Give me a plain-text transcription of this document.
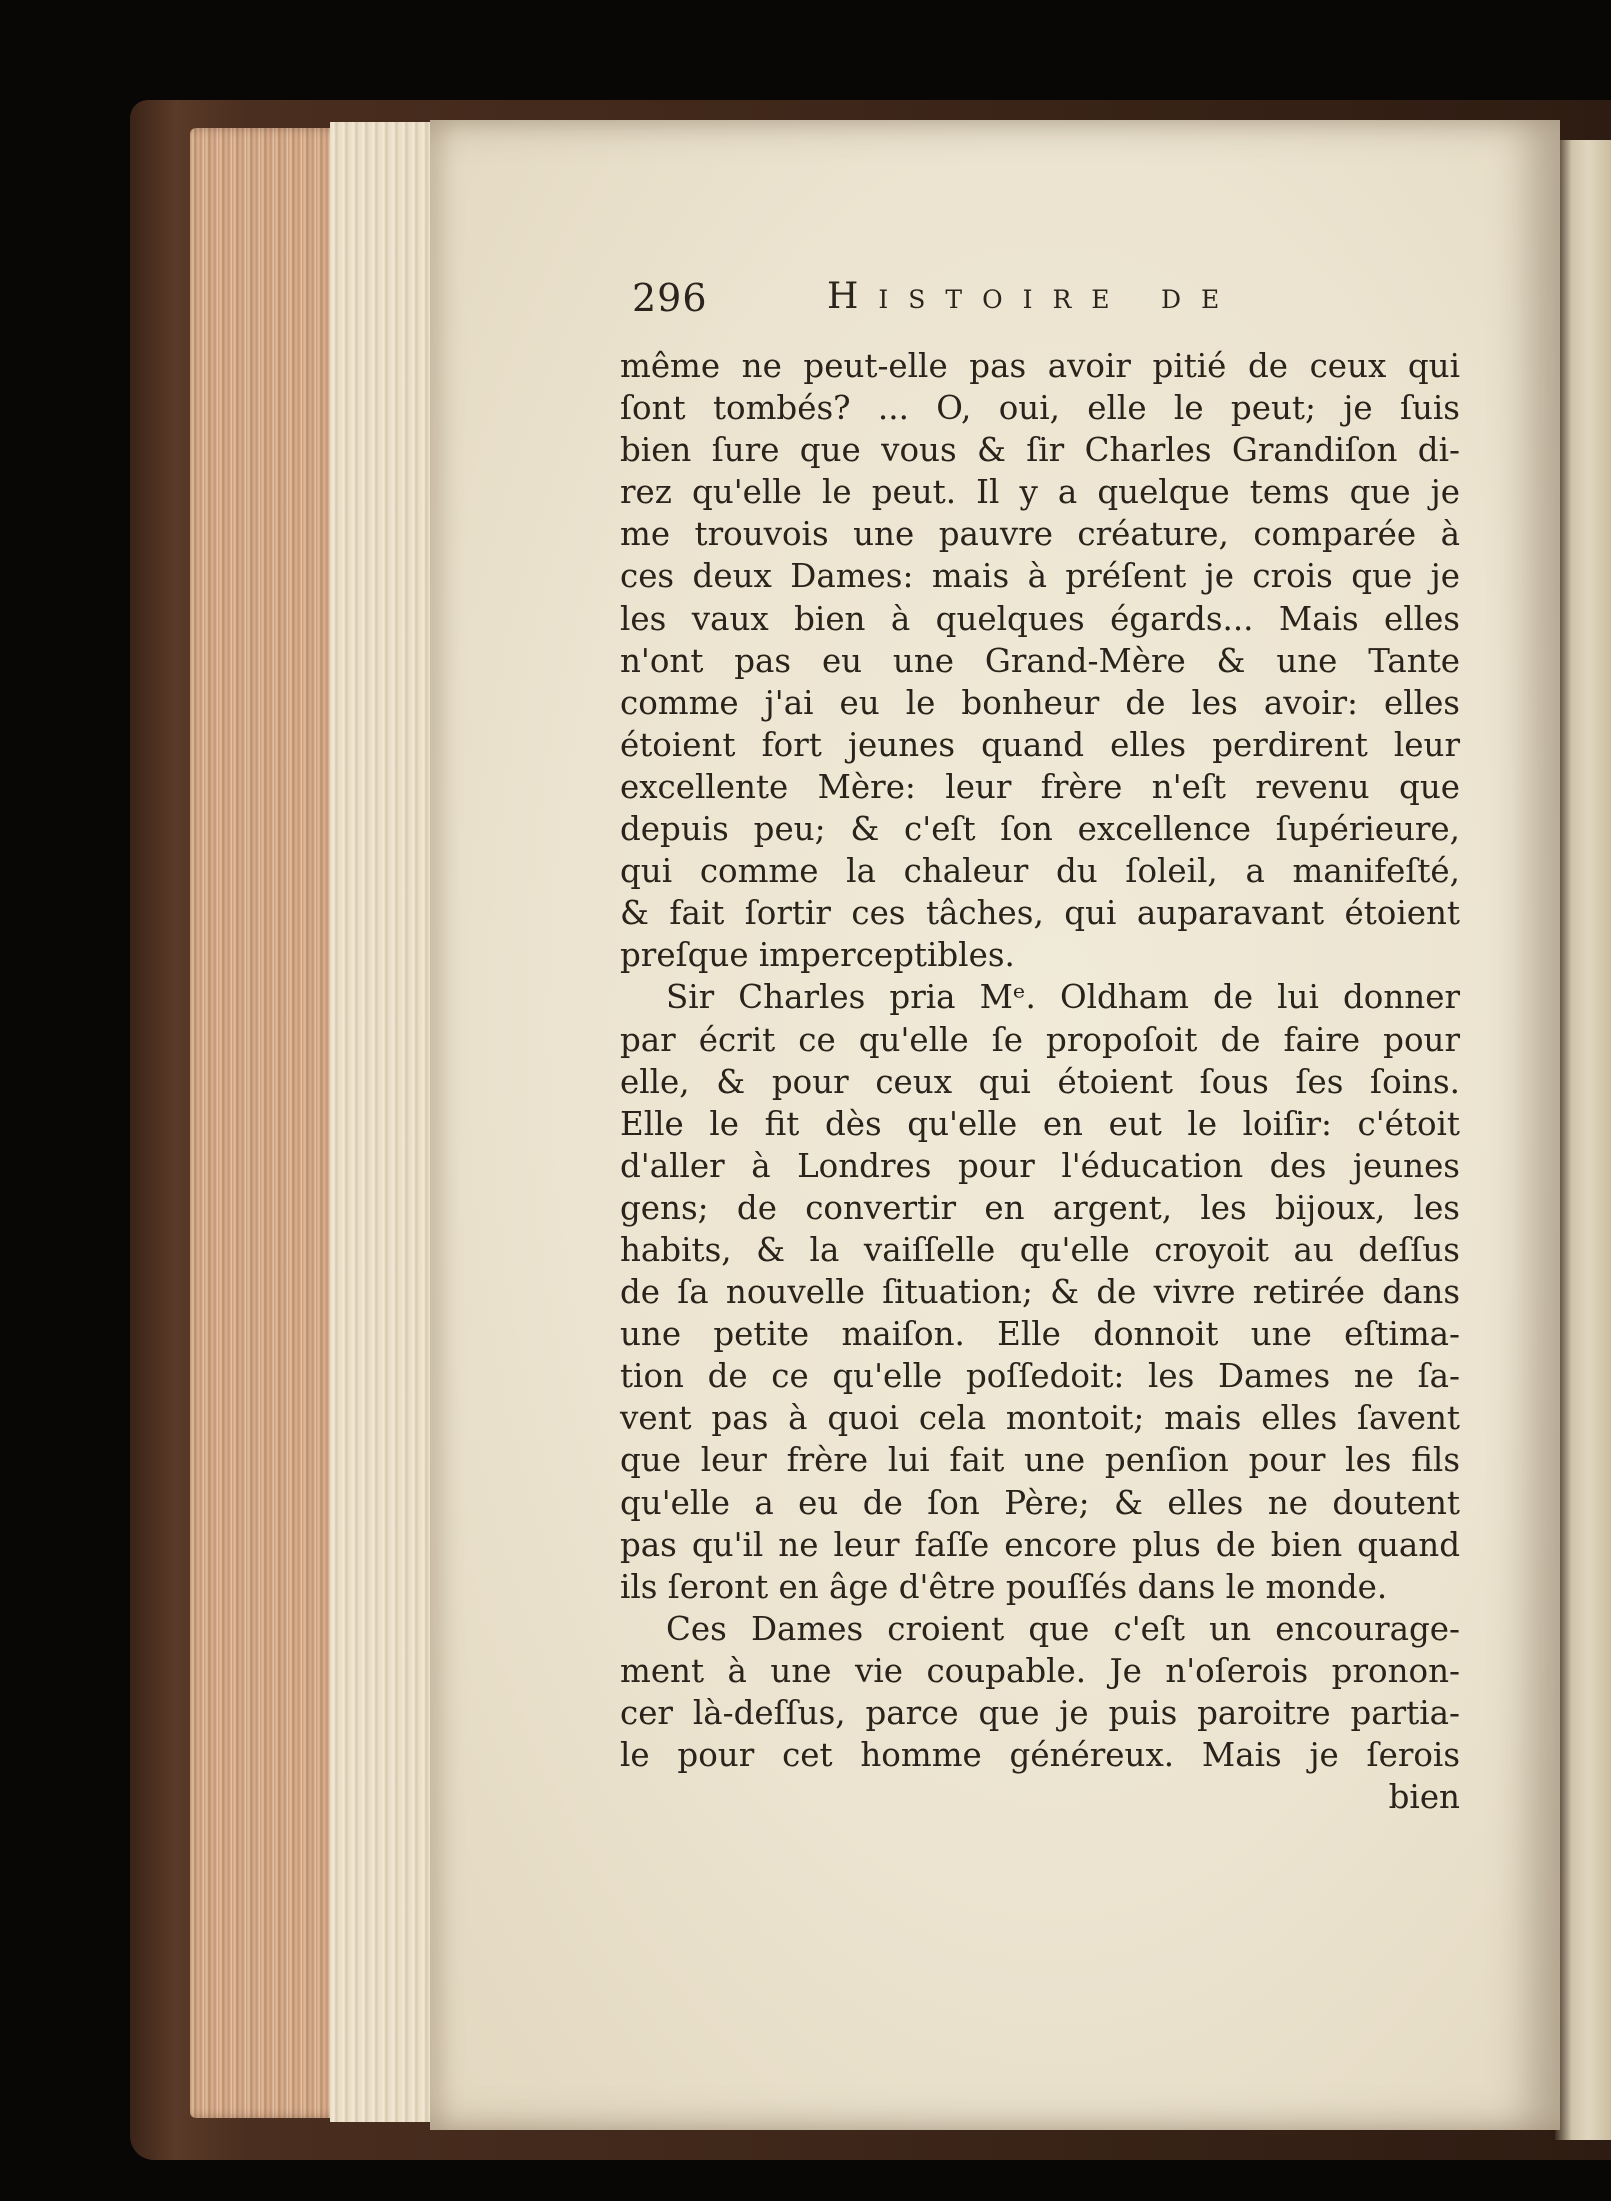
296	Histoire de
même ne peut-elle pas avoir pitié de ceux qui
ſont tombés? ... O, oui, elle le peut; je ſuis
bien ſure que vous & ſir Charles Grandiſon di-
rez qu'elle le peut. Il y a quelque tems que je
me trouvois une pauvre créature, comparée à
ces deux Dames: mais à préſent je crois que je
les vaux bien à quelques égards... Mais elles
n'ont pas eu une Grand-Mère & une Tante
comme j'ai eu le bonheur de les avoir: elles
étoient fort jeunes quand elles perdirent leur
excellente Mère: leur frère n'eſt revenu que
depuis peu; & c'eſt ſon excellence ſupérieure,
qui comme la chaleur du ſoleil, a manifeſté,
& fait ſortir ces tâches, qui auparavant étoient
preſque imperceptibles.
Sir Charles pria Mᵉ. Oldham de lui donner
par écrit ce qu'elle ſe propoſoit de faire pour
elle, & pour ceux qui étoient ſous ſes ſoins.
Elle le fit dès qu'elle en eut le loiſir: c'étoit
d'aller à Londres pour l'éducation des jeunes
gens; de convertir en argent, les bijoux, les
habits, & la vaiſſelle qu'elle croyoit au deſſus
de ſa nouvelle ſituation; & de vivre retirée dans
une petite maiſon. Elle donnoit une eſtima-
tion de ce qu'elle poſſedoit: les Dames ne ſa-
vent pas à quoi cela montoit; mais elles ſavent
que leur frère lui fait une penſion pour les fils
qu'elle a eu de ſon Père; & elles ne doutent
pas qu'il ne leur faſſe encore plus de bien quand
ils ſeront en âge d'être pouſſés dans le monde.
Ces Dames croient que c'eſt un encourage-
ment à une vie coupable. Je n'oſerois pronon-
cer là-deſſus, parce que je puis paroitre partia-
le pour cet homme généreux. Mais je ſerois
bien
